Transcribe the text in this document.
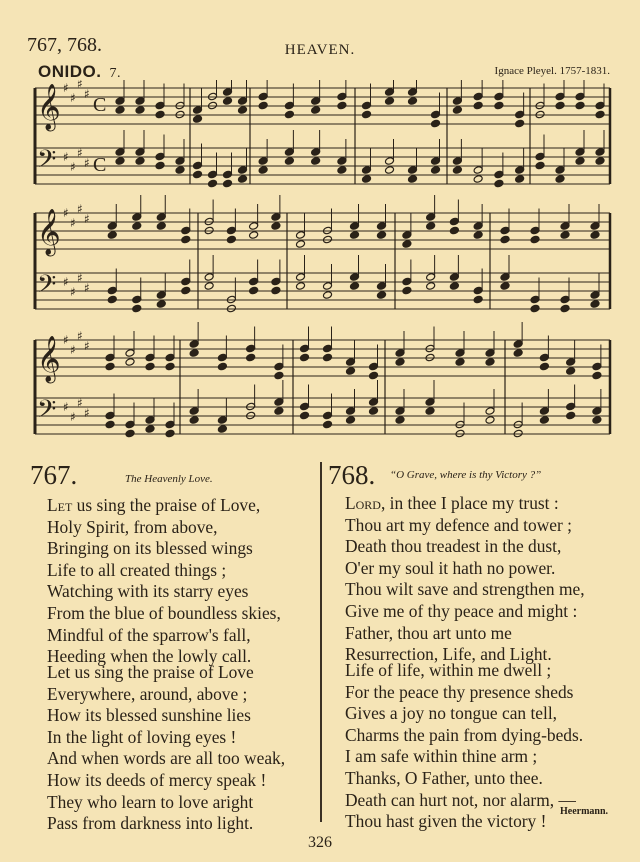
767, 768.	HEAVEN.
ONIDO. 7.	Ignace Pleyel. 1757-1831.
𝄞 ♯
♯
♯
♯ C
𝄢 ♯
♯
♯
♯ C
𝄞 ♯
♯
♯
♯
𝄢 ♯
♯
♯
♯
𝄞 ♯
♯
♯
♯
𝄢 ♯
♯
♯
♯
767.	The Heavenly Love.
Let us sing the praise of Love,
Holy Spirit, from above,
Bringing on its blessed wings
Life to all created things ;
Watching with its starry eyes
From the blue of boundless skies,
Mindful of the sparrow's fall,
Heeding when the lowly call.
Let us sing the praise of Love
Everywhere, around, above ;
How its blessed sunshine lies
In the light of loving eyes !
And when words are all too weak,
How its deeds of mercy speak !
They who learn to love aright
Pass from darkness into light.
768. “O Grave, where is thy Victory ?”
Lord, in thee I place my trust :
Thou art my defence and tower ;
Death thou treadest in the dust,
O'er my soul it hath no power.
Thou wilt save and strengthen me,
Give me of thy peace and might :
Father, thou art unto me
Resurrection, Life, and Light.
Life of life, within me dwell ;
For the peace thy presence sheds
Gives a joy no tongue can tell,
Charms the pain from dying-beds.
I am safe within thine arm ;
Thanks, O Father, unto thee.
Death can hurt not, nor alarm, —
Thou hast given the victory !	Heermann.
326
